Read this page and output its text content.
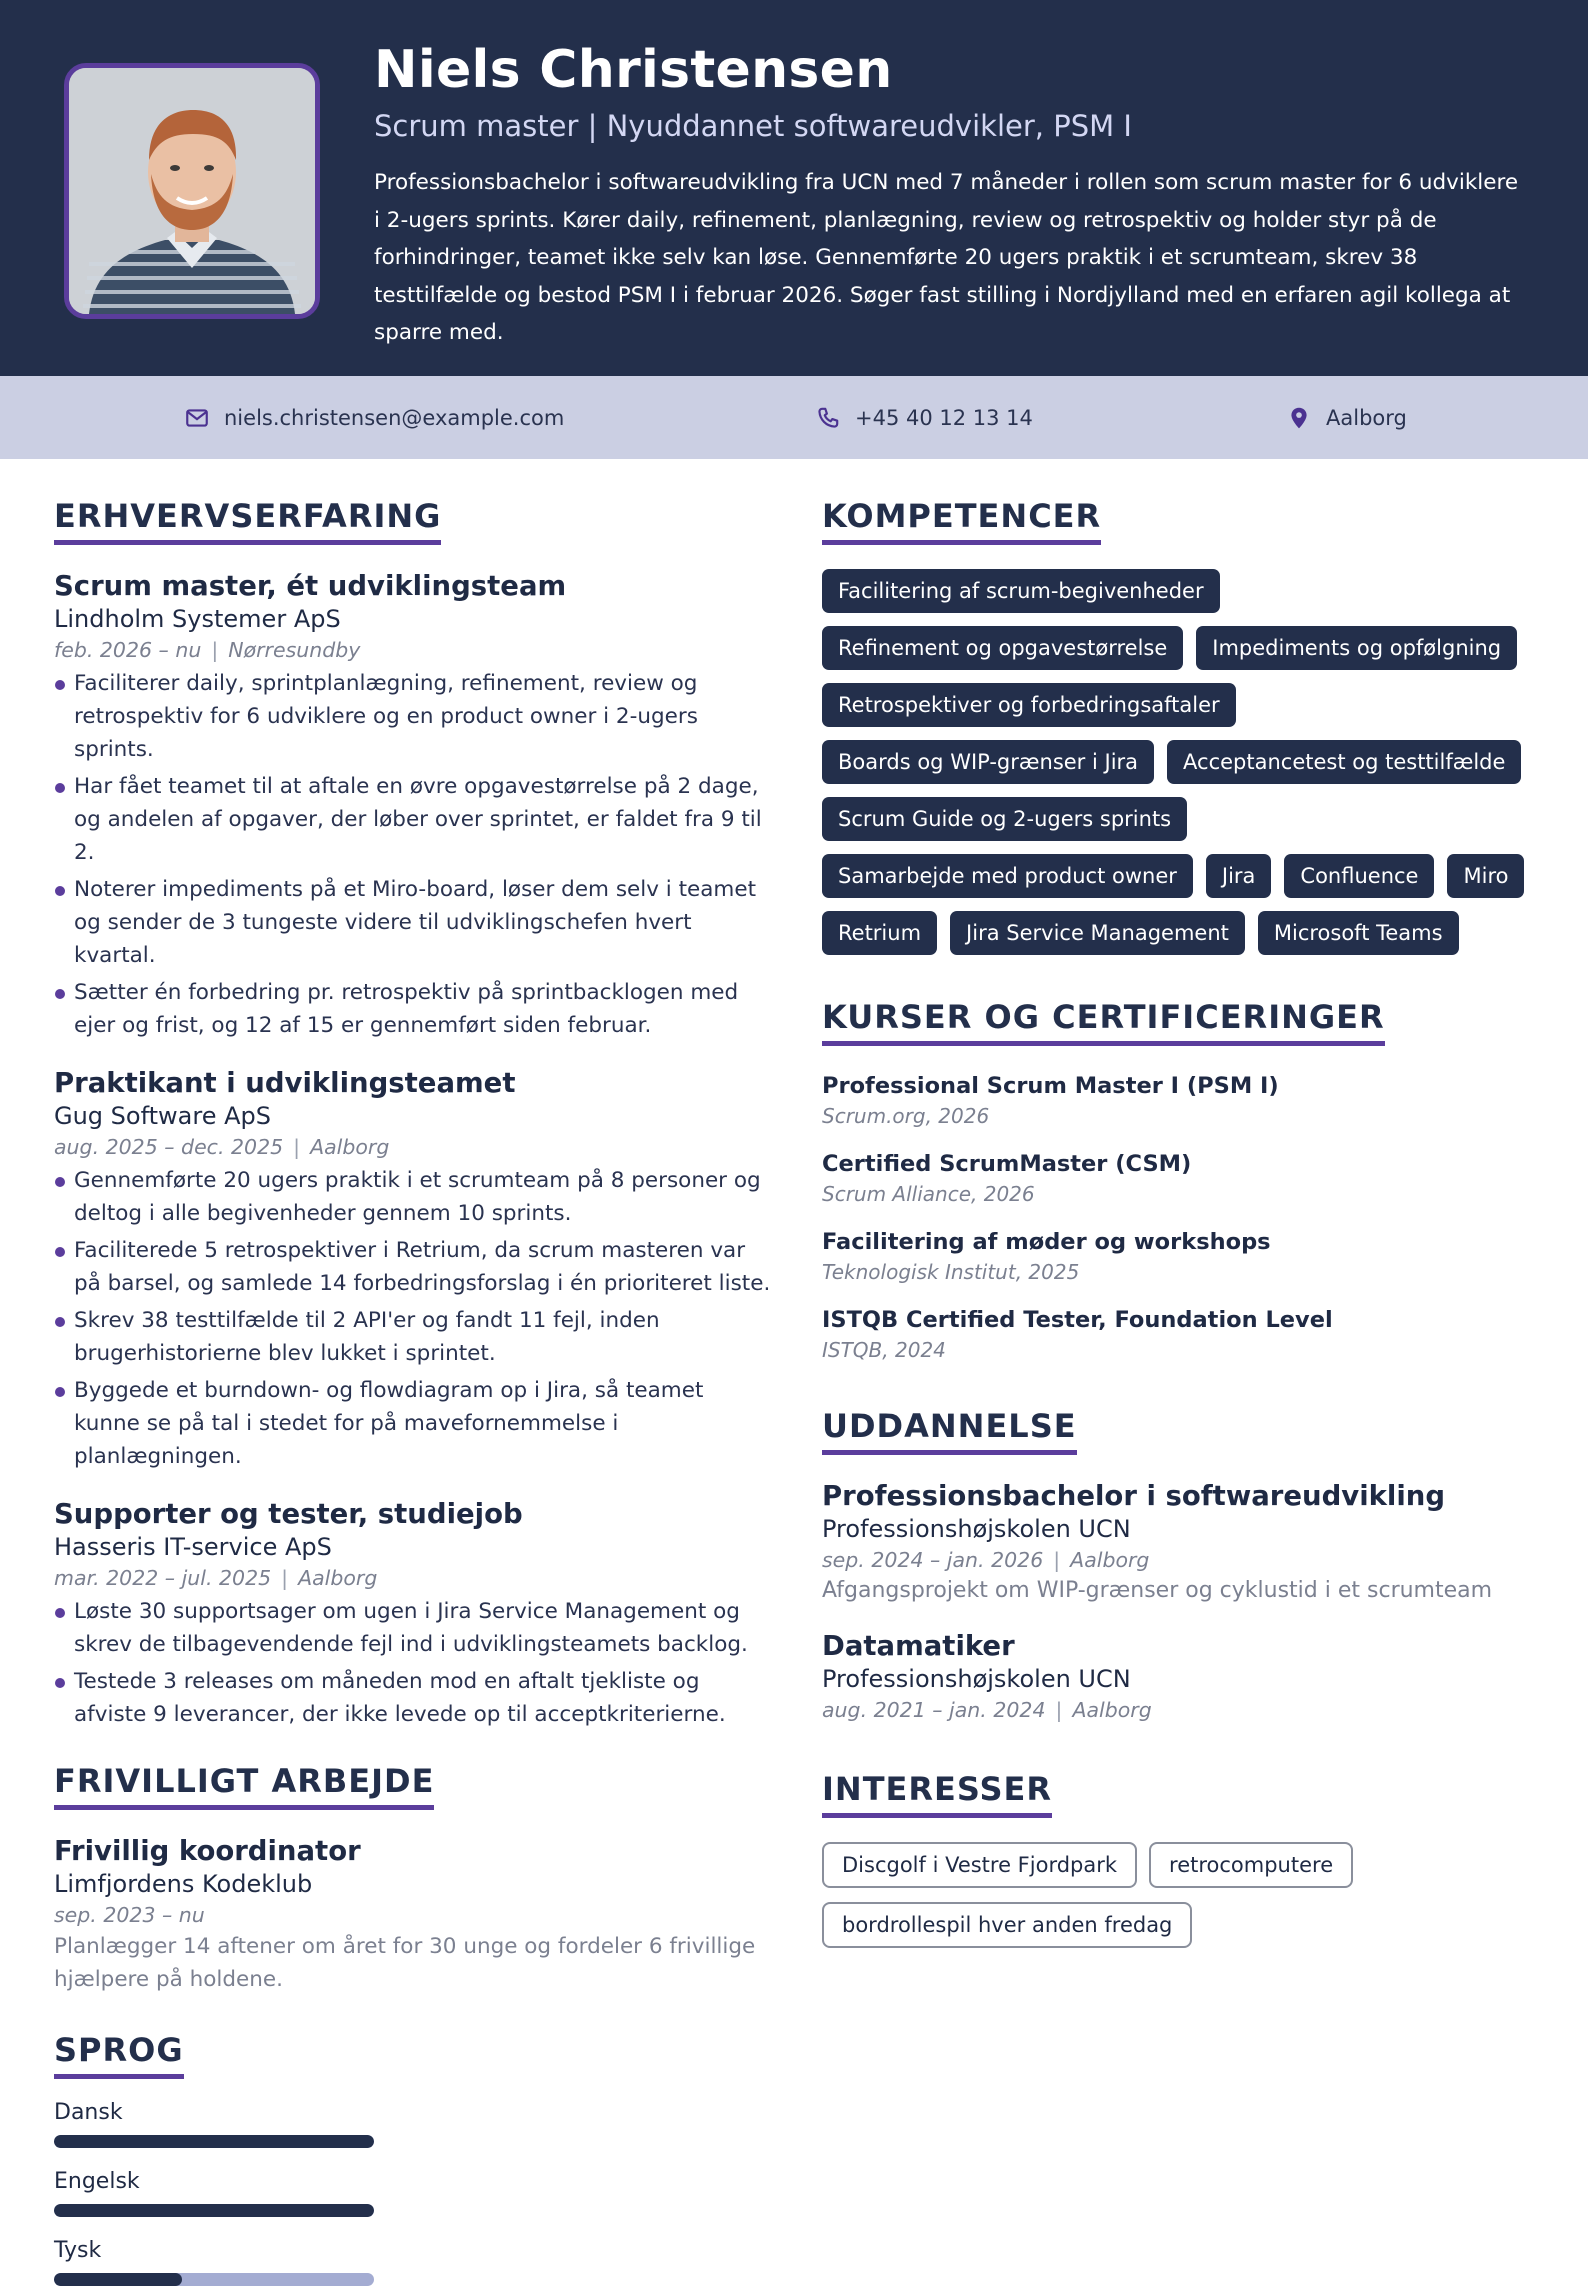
Niels Christensen
Scrum master | Nyuddannet softwareudvikler, PSM I
Professionsbachelor i softwareudvikling fra UCN med 7 måneder i rollen som scrum master for 6 udviklere i 2-ugers sprints. Kører daily, refinement, planlægning, review og retrospektiv og holder styr på de forhindringer, teamet ikke selv kan løse. Gennemførte 20 ugers praktik i et scrumteam, skrev 38 testtilfælde og bestod PSM I i februar 2026. Søger fast stilling i Nordjylland med en erfaren agil kollega at sparre med.
niels.christensen@example.com	+45 40 12 13 14	Aalborg
ERHVERVSERFARING
Scrum master, ét udviklingsteam
Lindholm Systemer ApS
feb. 2026 – nu | Nørresundby
Faciliterer daily, sprintplanlægning, refinement, review og retrospektiv for 6 udviklere og en product owner i 2-ugers sprints.
Har fået teamet til at aftale en øvre opgavestørrelse på 2 dage, og andelen af opgaver, der løber over sprintet, er faldet fra 9 til 2.
Noterer impediments på et Miro-board, løser dem selv i teamet og sender de 3 tungeste videre til udviklingschefen hvert kvartal.
Sætter én forbedring pr. retrospektiv på sprintbacklogen med ejer og frist, og 12 af 15 er gennemført siden februar.
Praktikant i udviklingsteamet
Gug Software ApS
aug. 2025 – dec. 2025 | Aalborg
Gennemførte 20 ugers praktik i et scrumteam på 8 personer og deltog i alle begivenheder gennem 10 sprints.
Faciliterede 5 retrospektiver i Retrium, da scrum masteren var på barsel, og samlede 14 forbedringsforslag i én prioriteret liste.
Skrev 38 testtilfælde til 2 API'er og fandt 11 fejl, inden brugerhistorierne blev lukket i sprintet.
Byggede et burndown- og flowdiagram op i Jira, så teamet kunne se på tal i stedet for på mavefornemmelse i planlægningen.
Supporter og tester, studiejob
Hasseris IT-service ApS
mar. 2022 – jul. 2025 | Aalborg
Løste 30 supportsager om ugen i Jira Service Management og skrev de tilbagevendende fejl ind i udviklingsteamets backlog.
Testede 3 releases om måneden mod en aftalt tjekliste og afviste 9 leverancer, der ikke levede op til acceptkriterierne.
FRIVILLIGT ARBEJDE
Frivillig koordinator
Limfjordens Kodeklub
sep. 2023 – nu
Planlægger 14 aftener om året for 30 unge og fordeler 6 frivillige hjælpere på holdene.
SPROG
Dansk
Engelsk
Tysk
KOMPETENCER
Facilitering af scrum-begivenheder
Refinement og opgavestørrelse	Impediments og opfølgning
Retrospektiver og forbedringsaftaler
Boards og WIP-grænser i Jira	Acceptancetest og testtilfælde
Scrum Guide og 2-ugers sprints
Samarbejde med product owner	Jira	Confluence	Miro
Retrium	Jira Service Management	Microsoft Teams
KURSER OG CERTIFICERINGER
Professional Scrum Master I (PSM I)
Scrum.org, 2026
Certified ScrumMaster (CSM)
Scrum Alliance, 2026
Facilitering af møder og workshops
Teknologisk Institut, 2025
ISTQB Certified Tester, Foundation Level
ISTQB, 2024
UDDANNELSE
Professionsbachelor i softwareudvikling
Professionshøjskolen UCN
sep. 2024 – jan. 2026 | Aalborg
Afgangsprojekt om WIP-grænser og cyklustid i et scrumteam
Datamatiker
Professionshøjskolen UCN
aug. 2021 – jan. 2024 | Aalborg
INTERESSER
Discgolf i Vestre Fjordpark	retrocomputere
bordrollespil hver anden fredag
